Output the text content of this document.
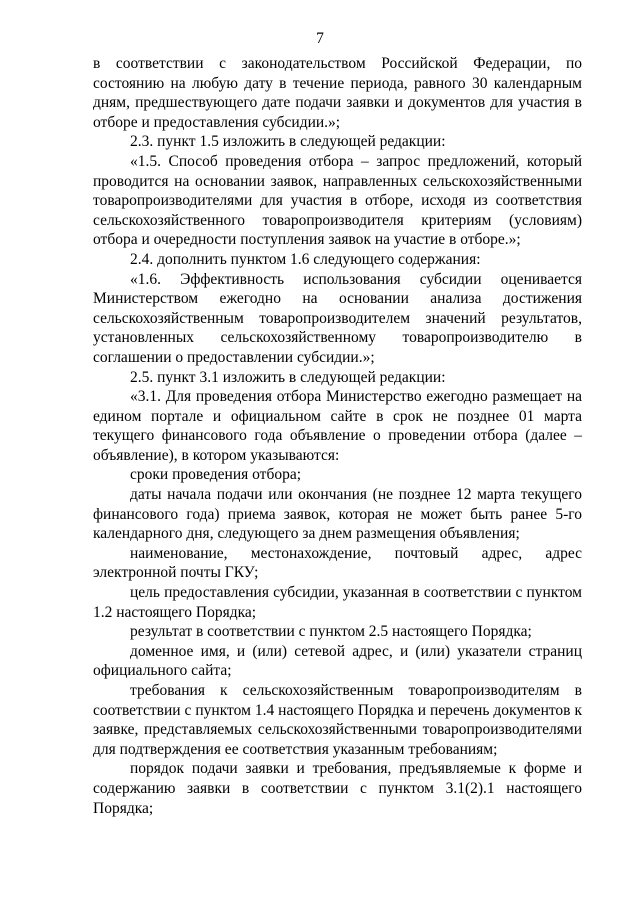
7

в соответствии с законодательством Российской Федерации, по состоянию на любую дату в течение периода, равного 30 календарным дням, предшествующего дате подачи заявки и документов для участия в отборе и предоставления субсидии.»;

2.3. пункт 1.5 изложить в следующей редакции:

«1.5. Способ проведения отбора – запрос предложений, который проводится на основании заявок, направленных сельскохозяйственными товаропроизводителями для участия в отборе, исходя из соответствия сельскохозяйственного товаропроизводителя критериям (условиям) отбора и очередности поступления заявок на участие в отборе.»;

2.4. дополнить пунктом 1.6 следующего содержания:

«1.6. Эффективность использования субсидии оценивается Министерством ежегодно на основании анализа достижения сельскохозяйственным товаропроизводителем значений результатов, установленных сельскохозяйственному товаропроизводителю в соглашении о предоставлении субсидии.»;

2.5. пункт 3.1 изложить в следующей редакции:

«3.1. Для проведения отбора Министерство ежегодно размещает на едином портале и официальном сайте в срок не позднее 01 марта текущего финансового года объявление о проведении отбора (далее – объявление), в котором указываются:

сроки проведения отбора;

даты начала подачи или окончания (не позднее 12 марта текущего финансового года) приема заявок, которая не может быть ранее 5-го календарного дня, следующего за днем размещения объявления;

наименование, местонахождение, почтовый адрес, адрес электронной почты ГКУ;

цель предоставления субсидии, указанная в соответствии с пунктом 1.2 настоящего Порядка;

результат в соответствии с пунктом 2.5 настоящего Порядка;

доменное имя, и (или) сетевой адрес, и (или) указатели страниц официального сайта;

требования к сельскохозяйственным товаропроизводителям в соответствии с пунктом 1.4 настоящего Порядка и перечень документов к заявке, представляемых сельскохозяйственными товаропроизводителями для подтверждения ее соответствия указанным требованиям;

порядок подачи заявки и требования, предъявляемые к форме и содержанию заявки в соответствии с пунктом 3.1(2).1 настоящего Порядка;
